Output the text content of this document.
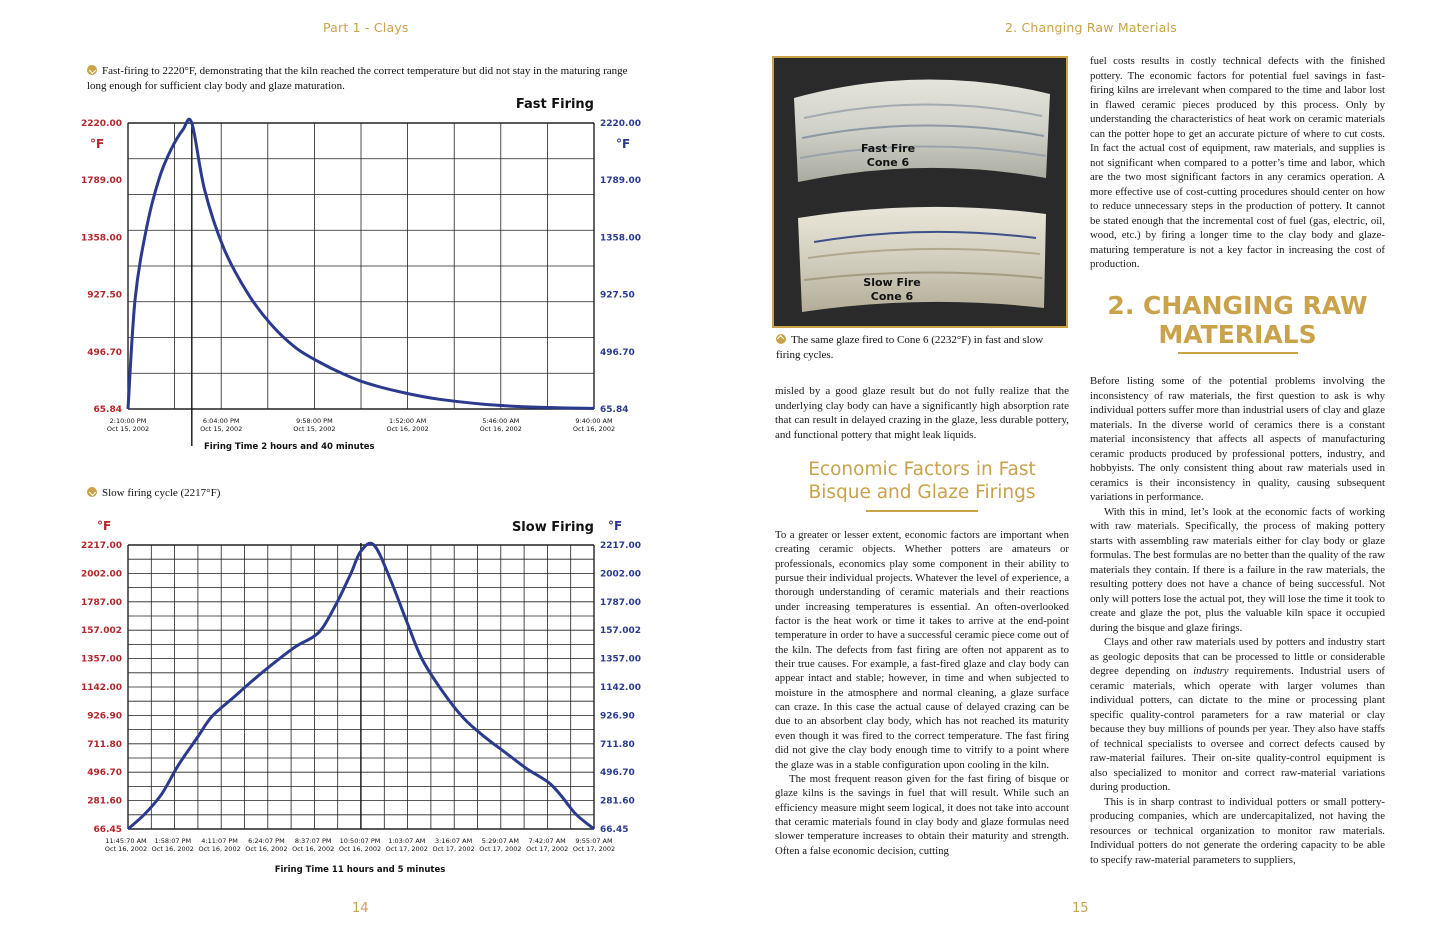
Part 1 - Clays	2. Changing Raw Materials
Fast-firing to 2220°F, demonstrating that the kiln reached the correct temperature but did not stay in the maturing range long enough for sufficient clay body and glaze maturation.
Fast Firing
°F	°F
2220.00	2220.00
1789.00	1789.00
1358.00	1358.00
927.50	927.50
496.70	496.70
65.84	65.84
2:10:00 PM
Oct 15, 2002
6:04:00 PM
Oct 15, 2002
9:58:00 PM
Oct 15, 2002
1:52:00 AM
Oct 16, 2002
5:46:00 AM
Oct 16, 2002
9:40:00 AM
Oct 16, 2002
Firing Time 2 hours and 40 minutes
Slow firing cycle (2217°F)
Slow Firing
°F	°F
2217.00	2217.00
2002.00	2002.00
1787.00	1787.00
157.002	157.002
1357.00	1357.00
1142.00	1142.00
926.90	926.90
711.80	711.80
496.70	496.70
281.60	281.60
66.45	66.45
11:45:70 AM
Oct 16, 2002
1:58:07 PM
Oct 16, 2002
4:11:07 PM
Oct 16, 2002
6:24:07 PM
Oct 16, 2002
8:37:07 PM
Oct 16, 2002
10:50:07 PM
Oct 16, 2002
1:03:07 AM
Oct 17, 2002
3:16:07 AM
Oct 17, 2002
5:29:07 AM
Oct 17, 2002
7:42:07 AM
Oct 17, 2002
9:55:07 AM
Oct 17, 2002
Firing Time 11 hours and 5 minutes
14	15
Fast Fire
Cone 6
Slow Fire
Cone 6
The same glaze fired to Cone 6 (2232°F) in fast and slow firing cycles.

misled by a good glaze result but do not fully realize that the underlying clay body can have a significantly high absorption rate that can result in delayed crazing in the glaze, less durable pottery, and functional pottery that might leak liquids.

Economic Factors in Fast Bisque and Glaze Firings

To a greater or lesser extent, economic factors are important when creating ceramic objects. Whether potters are amateurs or professionals, economics play some component in their ability to pursue their individual projects. Whatever the level of experience, a thorough understanding of ceramic materials and their reactions under increasing temperatures is essential. An often-overlooked factor is the heat work or time it takes to arrive at the end-point temperature in order to have a successful ceramic piece come out of the kiln. The defects from fast firing are often not apparent as to their true causes. For example, a fast-fired glaze and clay body can appear intact and stable; however, in time and when subjected to moisture in the atmosphere and normal cleaning, a glaze surface can craze. In this case the actual cause of delayed crazing can be due to an absorbent clay body, which has not reached its maturity even though it was fired to the correct temperature. The fast firing did not give the clay body enough time to vitrify to a point where the glaze was in a stable configuration upon cooling in the kiln.

The most frequent reason given for the fast firing of bisque or glaze kilns is the savings in fuel that will result. While such an efficiency measure might seem logical, it does not take into account that ceramic materials found in clay body and glaze formulas need slower temperature increases to obtain their maturity and strength. Often a false economic decision, cutting

fuel costs results in costly technical defects with the finished pottery. The economic factors for potential fuel savings in fast-firing kilns are irrelevant when compared to the time and labor lost in flawed ceramic pieces produced by this process. Only by understanding the characteristics of heat work on ceramic materials can the potter hope to get an accurate picture of where to cut costs. In fact the actual cost of equipment, raw materials, and supplies is not significant when compared to a potter’s time and labor, which are the two most significant factors in any ceramics operation. A more effective use of cost-cutting procedures should center on how to reduce unnecessary steps in the production of pottery. It cannot be stated enough that the incremental cost of fuel (gas, electric, oil, wood, etc.) by firing a longer time to the clay body and glaze-maturing temperature is not a key factor in increasing the cost of production.

2. CHANGING RAW MATERIALS

Before listing some of the potential problems involving the inconsistency of raw materials, the first question to ask is why individual potters suffer more than industrial users of clay and glaze materials. In the diverse world of ceramics there is a constant material inconsistency that affects all aspects of manufacturing ceramic products produced by professional potters, industry, and hobbyists. The only consistent thing about raw materials used in ceramics is their inconsistency in quality, causing subsequent variations in performance.

With this in mind, let’s look at the economic facts of working with raw materials. Specifically, the process of making pottery starts with assembling raw materials either for clay body or glaze formulas. The best formulas are no better than the quality of the raw materials they contain. If there is a failure in the raw materials, the resulting pottery does not have a chance of being successful. Not only will potters lose the actual pot, they will lose the time it took to create and glaze the pot, plus the valuable kiln space it occupied during the bisque and glaze firings.

Clays and other raw materials used by potters and industry start as geologic deposits that can be processed to little or considerable degree depending on industry requirements. Industrial users of ceramic materials, which operate with larger volumes than individual potters, can dictate to the mine or processing plant specific quality-control parameters for a raw material or clay because they buy millions of pounds per year. They also have staffs of technical specialists to oversee and correct defects caused by raw-material failures. Their on-site quality-control equipment is also specialized to monitor and correct raw-material variations during production.

This is in sharp contrast to individual potters or small pottery-producing companies, which are undercapitalized, not having the resources or technical organization to monitor raw materials. Individual potters do not generate the ordering capacity to be able to specify raw-material parameters to suppliers,
